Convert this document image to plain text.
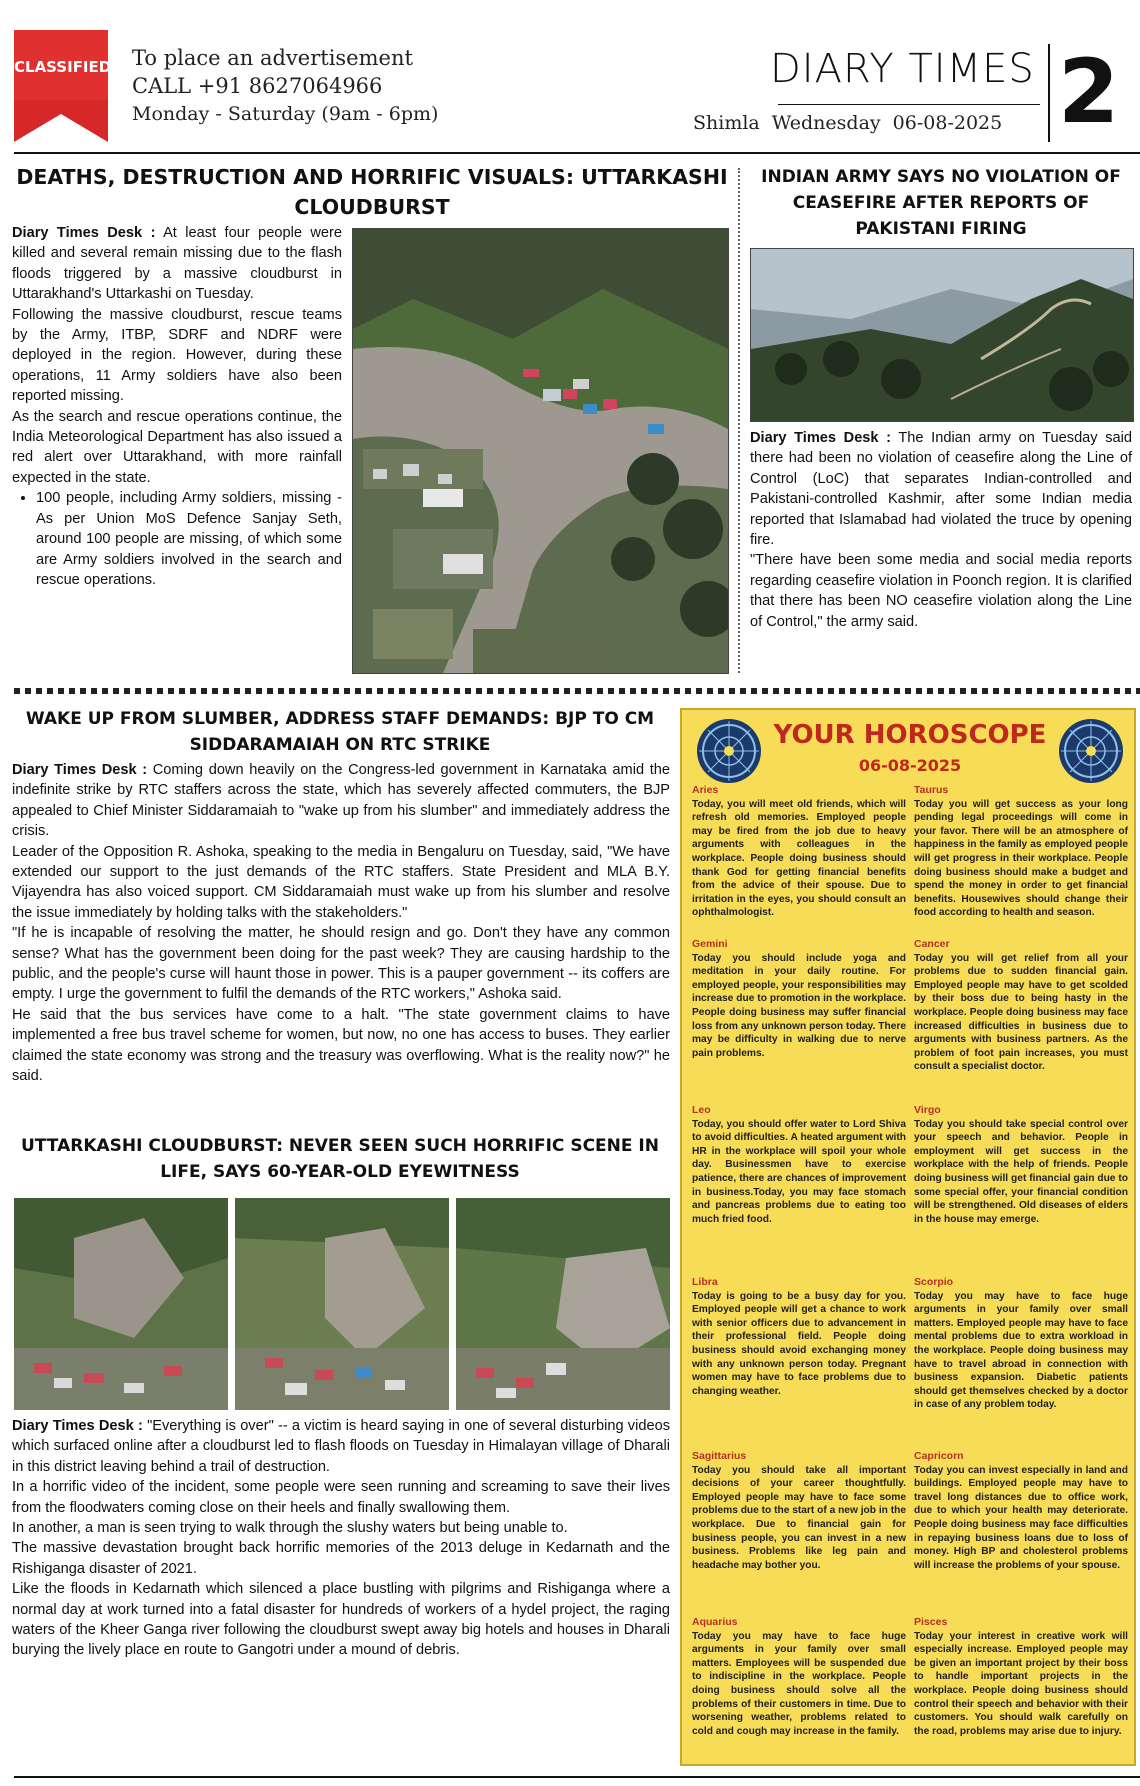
CLASSIFIED To place an advertisement
CALL +91 8627064966
Monday - Saturday (9am - 6pm)
DIARY TIMES
Shimla Wednesday 06-08-2025 2
DEATHS, DESTRUCTION AND HORRIFIC VISUALS: UTTARKASHI CLOUDBURST

Diary Times Desk : At least four people were killed and several remain missing due to the flash floods triggered by a massive cloudburst in Uttarakhand's Uttarkashi on Tuesday.

Following the massive cloudburst, rescue teams by the Army, ITBP, SDRF and NDRF were deployed in the region. However, during these operations, 11 Army soldiers have also been reported missing.

As the search and rescue operations continue, the India Meteorological Department has also issued a red alert over Uttarakhand, with more rainfall expected in the state.

• 100 people, including Army soldiers, missing - As per Union MoS Defence Sanjay Seth, around 100 people are missing, of which some are Army soldiers involved in the search and rescue operations.
INDIAN ARMY SAYS NO VIOLATION OF CEASEFIRE AFTER REPORTS OF PAKISTANI FIRING

Diary Times Desk : The Indian army on Tuesday said there had been no violation of ceasefire along the Line of Control (LoC) that separates Indian-controlled and Pakistani-controlled Kashmir, after some Indian media reported that Islamabad had violated the truce by opening fire.

"There have been some media and social media reports regarding ceasefire violation in Poonch region. It is clarified that there has been NO ceasefire violation along the Line of Control," the army said.

WAKE UP FROM SLUMBER, ADDRESS STAFF DEMANDS: BJP TO CM SIDDARAMAIAH ON RTC STRIKE

Diary Times Desk : Coming down heavily on the Congress-led government in Karnataka amid the indefinite strike by RTC staffers across the state, which has severely affected commuters, the BJP appealed to Chief Minister Siddaramaiah to "wake up from his slumber" and immediately address the crisis.

Leader of the Opposition R. Ashoka, speaking to the media in Bengaluru on Tuesday, said, "We have extended our support to the just demands of the RTC staffers. State President and MLA B.Y. Vijayendra has also voiced support. CM Siddaramaiah must wake up from his slumber and resolve the issue immediately by holding talks with the stakeholders."

"If he is incapable of resolving the matter, he should resign and go. Don't they have any common sense? What has the government been doing for the past week? They are causing hardship to the public, and the people's curse will haunt those in power. This is a pauper government -- its coffers are empty. I urge the government to fulfil the demands of the RTC workers," Ashoka said.

He said that the bus services have come to a halt. "The state government claims to have implemented a free bus travel scheme for women, but now, no one has access to buses. They earlier claimed the state economy was strong and the treasury was overflowing. What is the reality now?" he said.

UTTARKASHI CLOUDBURST: NEVER SEEN SUCH HORRIFIC SCENE IN LIFE, SAYS 60-YEAR-OLD EYEWITNESS

Diary Times Desk : "Everything is over" -- a victim is heard saying in one of several disturbing videos which surfaced online after a cloudburst led to flash floods on Tuesday in Himalayan village of Dharali in this district leaving behind a trail of destruction.

In a horrific video of the incident, some people were seen running and screaming to save their lives from the floodwaters coming close on their heels and finally swallowing them.

In another, a man is seen trying to walk through the slushy waters but being unable to.

The massive devastation brought back horrific memories of the 2013 deluge in Kedarnath and the Rishiganga disaster of 2021.

Like the floods in Kedarnath which silenced a place bustling with pilgrims and Rishiganga where a normal day at work turned into a fatal disaster for hundreds of workers of a hydel project, the raging waters of the Kheer Ganga river following the cloudburst swept away big hotels and houses in Dharali burying the lively place en route to Gangotri under a mound of debris.

YOUR HOROSCOPE
06-08-2025
Aries
Today, you will meet old friends, which will refresh old memories. Employed people may be fired from the job due to heavy arguments with colleagues in the workplace. People doing business should thank God for getting financial benefits from the advice of their spouse. Due to irritation in the eyes, you should consult an ophthalmologist.
Taurus
Today you will get success as your long pending legal proceedings will come in your favor. There will be an atmosphere of happiness in the family as employed people will get progress in their workplace. People doing business should make a budget and spend the money in order to get financial benefits. Housewives should change their food according to health and season.
Gemini
Today you should include yoga and meditation in your daily routine. For employed people, your responsibilities may increase due to promotion in the workplace. People doing business may suffer financial loss from any unknown person today. There may be difficulty in walking due to nerve pain problems.
Cancer
Today you will get relief from all your problems due to sudden financial gain. Employed people may have to get scolded by their boss due to being hasty in the workplace. People doing business may face increased difficulties in business due to arguments with business partners. As the problem of foot pain increases, you must consult a specialist doctor.
Leo
Today, you should offer water to Lord Shiva to avoid difficulties. A heated argument with HR in the workplace will spoil your whole day. Businessmen have to exercise patience, there are chances of improvement in business.Today, you may face stomach and pancreas problems due to eating too much fried food.
Virgo
Today you should take special control over your speech and behavior. People in employment will get success in the workplace with the help of friends. People doing business will get financial gain due to some special offer, your financial condition will be strengthened. Old diseases of elders in the house may emerge.
Libra
Today is going to be a busy day for you. Employed people will get a chance to work with senior officers due to advancement in their professional field. People doing business should avoid exchanging money with any unknown person today. Pregnant women may have to face problems due to changing weather.
Scorpio
Today you may have to face huge arguments in your family over small matters. Employed people may have to face mental problems due to extra workload in the workplace. People doing business may have to travel abroad in connection with business expansion. Diabetic patients should get themselves checked by a doctor in case of any problem today.
Sagittarius
Today you should take all important decisions of your career thoughtfully. Employed people may have to face some problems due to the start of a new job in the workplace. Due to financial gain for business people, you can invest in a new business. Problems like leg pain and headache may bother you.
Capricorn
Today you can invest especially in land and buildings. Employed people may have to travel long distances due to office work, due to which your health may deteriorate. People doing business may face difficulties in repaying business loans due to loss of money. High BP and cholesterol problems will increase the problems of your spouse.
Aquarius
Today you may have to face huge arguments in your family over small matters. Employees will be suspended due to indiscipline in the workplace. People doing business should solve all the problems of their customers in time. Due to worsening weather, problems related to cold and cough may increase in the family.
Pisces
Today your interest in creative work will especially increase. Employed people may be given an important project by their boss to handle important projects in the workplace. People doing business should control their speech and behavior with their customers. You should walk carefully on the road, problems may arise due to injury.
